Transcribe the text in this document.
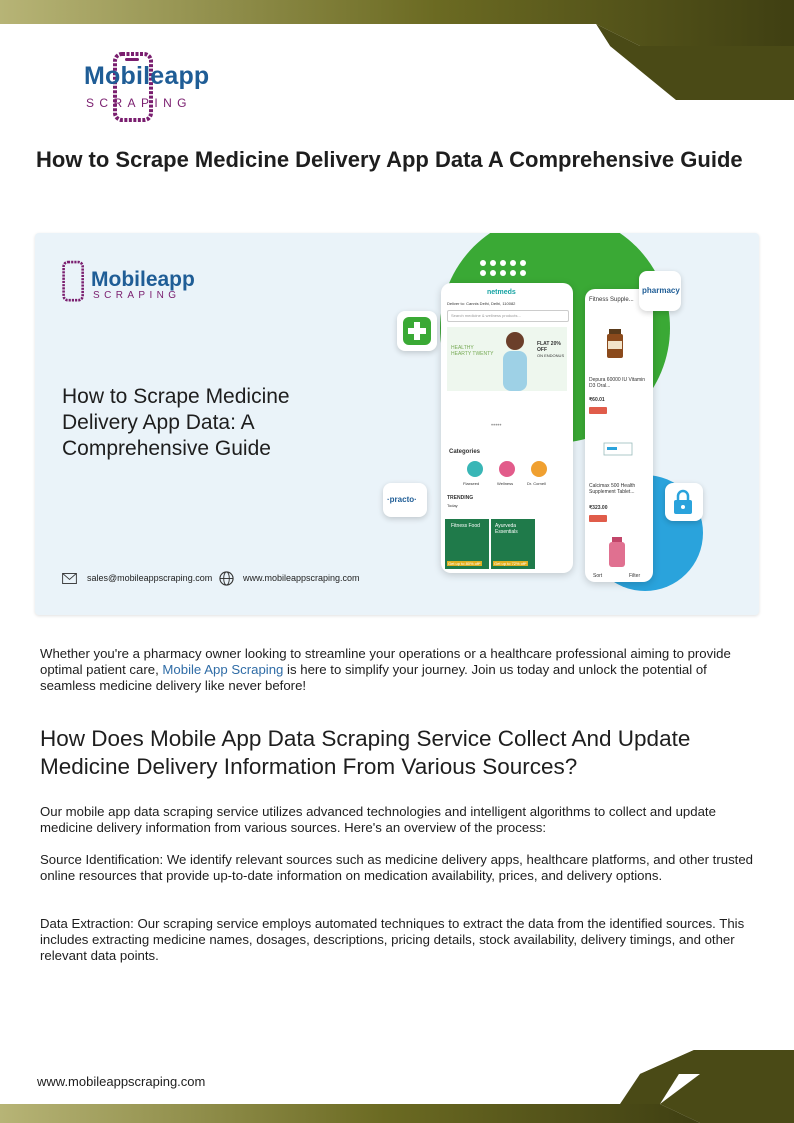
Mobileapp
SCRAPING
How to Scrape Medicine Delivery App Data A Comprehensive Guide
Mobileapp
SCRAPING
How to Scrape Medicine Delivery App Data: A Comprehensive Guide
sales@mobileappscraping.com	www.mobileappscraping.com
Fitness Supple...
Depura 60000 IU Vitamin D3 Oral...
₹60.01
Calcimax 500 Health Supplement Tablet...
₹323.00
Sort	Filter
netmeds
Deliver to: Cannis Delhi, Delhi, 110082
Search medicine & wellness products...
HEALTHY HEARTY TWENTY
FLAT 20% OFF
ON ENDONUS
•••••
Categories
Flaxseed	Wellness	Dr. Cornell
TRENDING
Today
Fitness Food
Get up to 80% off*
Ayurveda Essentials
Get up to 72% off*
pharmacy
·practo·

Whether you're a pharmacy owner looking to streamline your operations or a healthcare professional aiming to provide optimal patient care, Mobile App Scraping is here to simplify your journey. Join us today and unlock the potential of seamless medicine delivery like never before!

How Does Mobile App Data Scraping Service Collect And Update Medicine Delivery Information From Various Sources?

Our mobile app data scraping service utilizes advanced technologies and intelligent algorithms to collect and update medicine delivery information from various sources. Here's an overview of the process:

Source Identification: We identify relevant sources such as medicine delivery apps, healthcare platforms, and other trusted online resources that provide up-to-date information on medication availability, prices, and delivery options.

Data Extraction: Our scraping service employs automated techniques to extract the data from the identified sources. This includes extracting medicine names, dosages, descriptions, pricing details, stock availability, delivery timings, and other relevant data points.

www.mobileappscraping.com
